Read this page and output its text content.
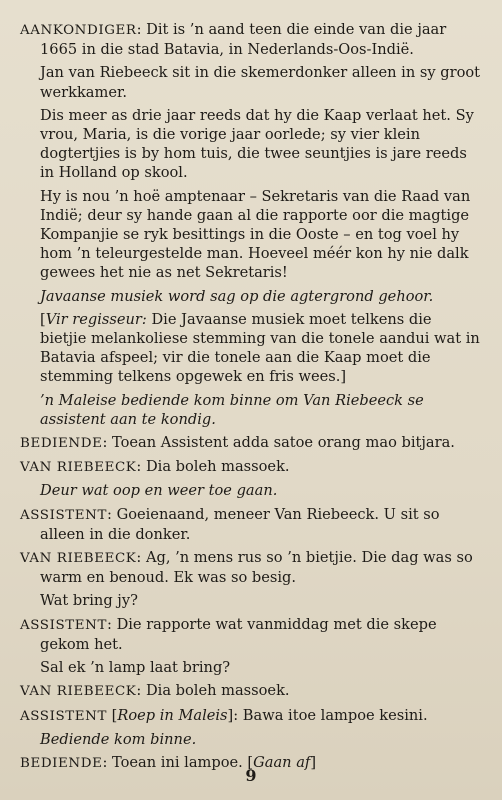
AANKONDIGER: Dit is ’n aand teen die einde van die jaar 1665 in die stad Batavia, in Nederlands-Oos-Indië.

Jan van Riebeeck sit in die skemerdonker alleen in sy groot werkkamer.

Dis meer as drie jaar reeds dat hy die Kaap verlaat het. Sy vrou, Maria, is die vorige jaar oorlede; sy vier klein dogtertjies is by hom tuis, die twee seuntjies is jare reeds in Holland op skool.

Hy is nou ’n hoë amptenaar – Sekretaris van die Raad van Indië; deur sy hande gaan al die rapporte oor die magtige Kompanjie se ryk besittings in die Ooste – en tog voel hy hom ’n teleurgestelde man. Hoeveel méér kon hy nie dalk gewees het nie as net Sekretaris!

Javaanse musiek word sag op die agtergrond gehoor.

[Vir regisseur: Die Javaanse musiek moet telkens die bietjie melankoliese stemming van die tonele aandui wat in Batavia afspeel; vir die tonele aan die Kaap moet die stemming telkens opgewek en fris wees.]

’n Maleise bediende kom binne om Van Riebeeck se assistent aan te kondig.

BEDIENDE: Toean Assistent adda satoe orang mao bitjara.

VAN RIEBEECK: Dia boleh massoek.

Deur wat oop en weer toe gaan.

ASSISTENT: Goeienaand, meneer Van Riebeeck. U sit so alleen in die donker.

VAN RIEBEECK: Ag, ’n mens rus so ’n bietjie. Die dag was so warm en benoud. Ek was so besig.

Wat bring jy?

ASSISTENT: Die rapporte wat vanmiddag met die skepe gekom het.

Sal ek ’n lamp laat bring?

VAN RIEBEECK: Dia boleh massoek.

ASSISTENT [Roep in Maleis]: Bawa itoe lampoe kesini.

Bediende kom binne.

BEDIENDE: Toean ini lampoe. [Gaan af]

9
